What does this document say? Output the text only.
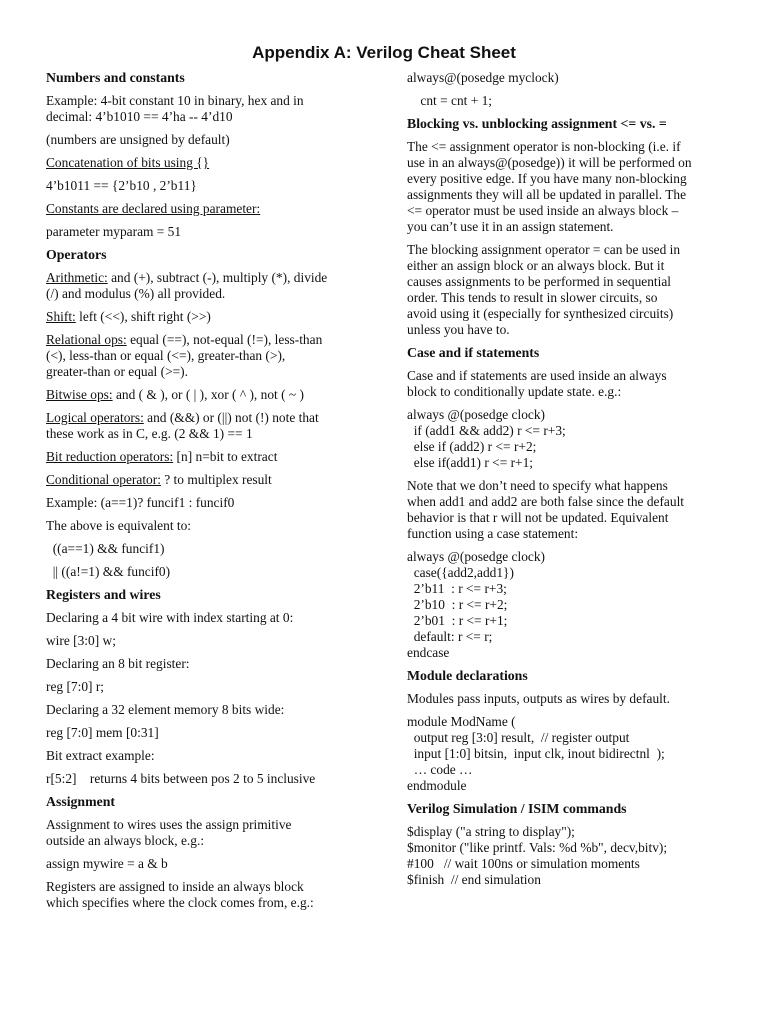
Appendix A: Verilog Cheat Sheet
Numbers and constants
Example: 4-bit constant 10 in binary, hex and in
decimal: 4’b1010 == 4’ha -- 4’d10
(numbers are unsigned by default)
Concatenation of bits using {}
4’b1011 == {2’b10 , 2’b11}
Constants are declared using parameter:
parameter myparam = 51
Operators
Arithmetic: and (+), subtract (-), multiply (*), divide
(/) and modulus (%) all provided.
Shift: left (<<), shift right (>>)
Relational ops: equal (==), not-equal (!=), less-than
(<), less-than or equal (<=), greater-than (>),
greater-than or equal (>=).
Bitwise ops: and ( & ), or ( | ), xor ( ^ ), not ( ~ )
Logical operators: and (&&) or (||) not (!) note that
these work as in C, e.g. (2 && 1) == 1
Bit reduction operators: [n] n=bit to extract
Conditional operator: ? to multiplex result
Example: (a==1)? funcif1 : funcif0
The above is equivalent to:
((a==1) && funcif1)
|| ((a!=1) && funcif0)
Registers and wires
Declaring a 4 bit wire with index starting at 0:
wire [3:0] w;
Declaring an 8 bit register:
reg [7:0] r;
Declaring a 32 element memory 8 bits wide:
reg [7:0] mem [0:31]
Bit extract example:
r[5:2]    returns 4 bits between pos 2 to 5 inclusive
Assignment
Assignment to wires uses the assign primitive
outside an always block, e.g.:
assign mywire = a & b
Registers are assigned to inside an always block
which specifies where the clock comes from, e.g.:
always@(posedge myclock)
cnt = cnt + 1;
Blocking vs. unblocking assignment <= vs. =
The <= assignment operator is non-blocking (i.e. if
use in an always@(posedge)) it will be performed on
every positive edge. If you have many non-blocking
assignments they will all be updated in parallel. The
<= operator must be used inside an always block –
you can’t use it in an assign statement.
The blocking assignment operator = can be used in
either an assign block or an always block. But it
causes assignments to be performed in sequential
order. This tends to result in slower circuits, so
avoid using it (especially for synthesized circuits)
unless you have to.
Case and if statements
Case and if statements are used inside an always
block to conditionally update state. e.g.:
always @(posedge clock)
if (add1 && add2) r <= r+3;
else if (add2) r <= r+2;
else if(add1) r <= r+1;
Note that we don’t need to specify what happens
when add1 and add2 are both false since the default
behavior is that r will not be updated. Equivalent
function using a case statement:
always @(posedge clock)
case({add2,add1})
2’b11  : r <= r+3;
2’b10  : r <= r+2;
2’b01  : r <= r+1;
default: r <= r;
endcase
Module declarations
Modules pass inputs, outputs as wires by default.
module ModName (
output reg [3:0] result,  // register output
input [1:0] bitsin,  input clk, inout bidirectnl  );
… code …
endmodule
Verilog Simulation / ISIM commands
$display ("a string to display");
$monitor ("like printf. Vals: %d %b", decv,bitv);
#100   // wait 100ns or simulation moments
$finish  // end simulation
